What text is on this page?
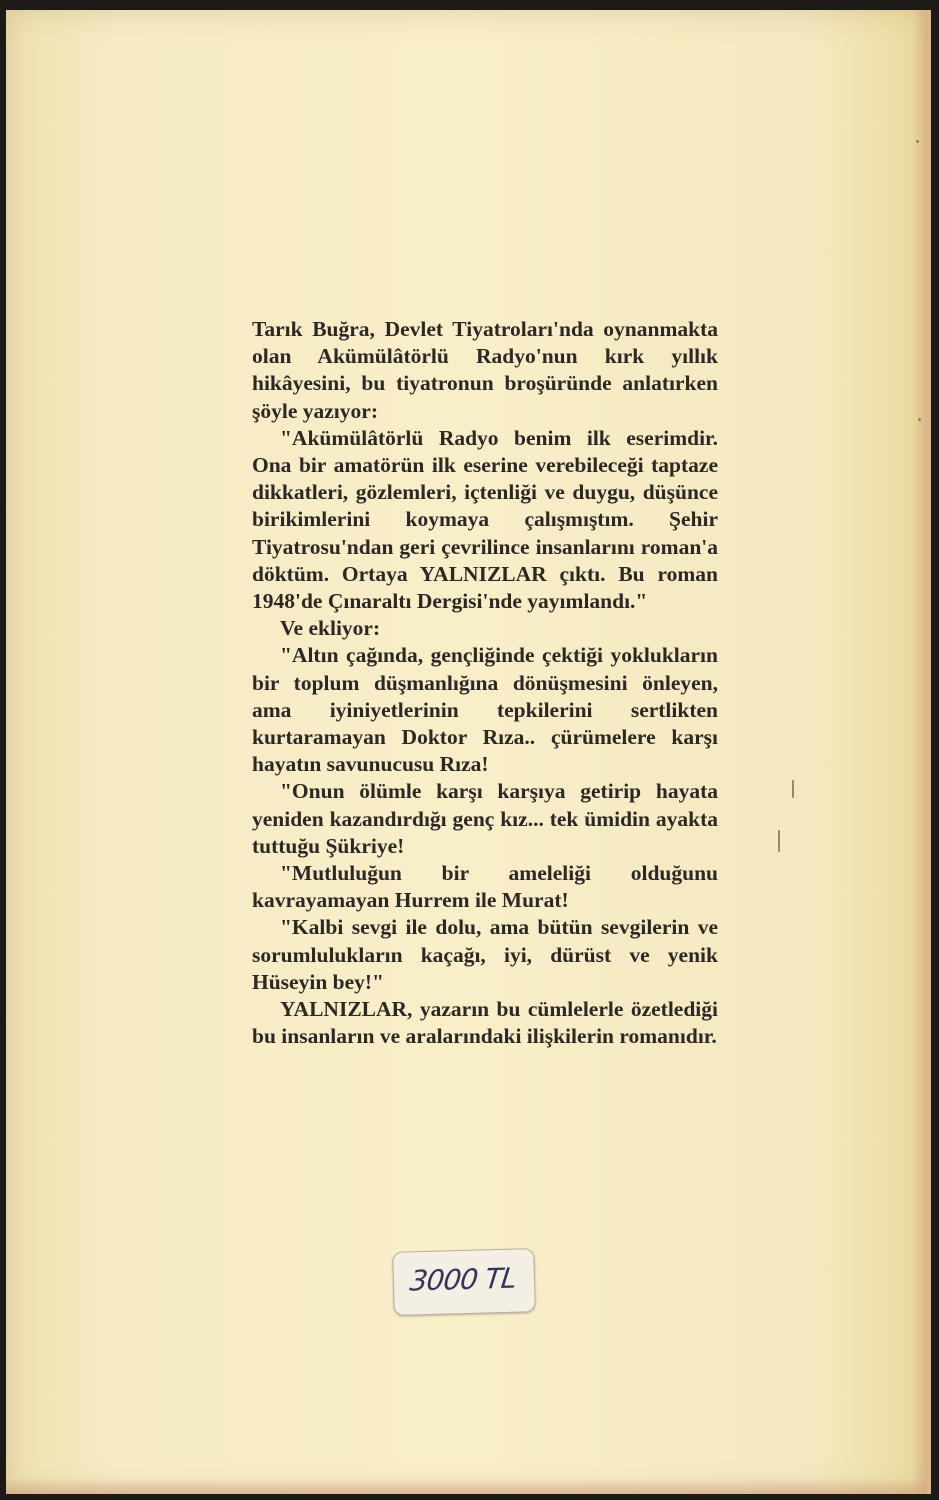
Tarık Buğra, Devlet Tiyatroları'nda oynanmakta olan Akümülâtörlü Radyo'nun kırk yıllık hikâyesini, bu tiyatronun broşüründe anlatırken şöyle yazıyor:

"Akümülâtörlü Radyo benim ilk eserimdir. Ona bir amatörün ilk eserine verebileceği taptaze dikkatleri, gözlemleri, içtenliği ve duygu, düşünce birikimlerini koymaya çalışmıştım. Şehir Tiyatrosu'ndan geri çevrilince insanlarını roman'a döktüm. Ortaya YALNIZLAR çıktı. Bu roman 1948'de Çınaraltı Dergisi'nde yayımlandı."

Ve ekliyor:

"Altın çağında, gençliğinde çektiği yoklukların bir toplum düşmanlığına dönüşmesini önleyen, ama iyiniyetlerinin tepkilerini sertlikten kurtaramayan Doktor Rıza.. çürümelere karşı hayatın savunucusu Rıza!

"Onun ölümle karşı karşıya getirip hayata yeniden kazandırdığı genç kız... tek ümidin ayakta tuttuğu Şükriye!

"Mutluluğun bir ameleliği olduğunu kavrayamayan Hurrem ile Murat!

"Kalbi sevgi ile dolu, ama bütün sevgilerin ve sorumlulukların kaçağı, iyi, dürüst ve yenik Hüseyin bey!"

YALNIZLAR, yazarın bu cümlelerle özetlediği bu insanların ve aralarındaki ilişkilerin romanıdır.

3000 TL
